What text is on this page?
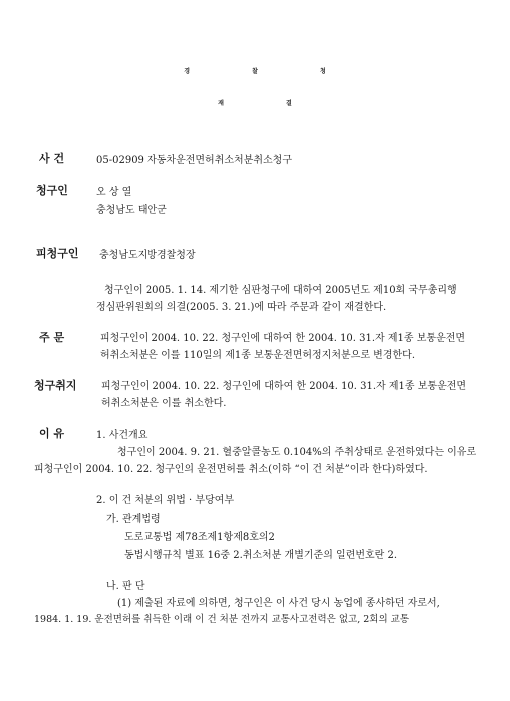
경 찰 청
재 결
사 건	05-02909 자동차운전면허취소처분취소청구
청구인	오 상 열
충청남도 태안군
피청구인 충청남도지방경찰청장
청구인이 2005. 1. 14. 제기한 심판청구에 대하여 2005년도 제10회 국무총리행
정심판위원회의 의결(2005. 3. 21.)에 따라 주문과 같이 재결한다.
주 문	피청구인이 2004. 10. 22. 청구인에 대하여 한 2004. 10. 31.자 제1종 보통운전면
허취소처분은 이를 110일의 제1종 보통운전면허정지처분으로 변경한다.
청구취지 피청구인이 2004. 10. 22. 청구인에 대하여 한 2004. 10. 31.자 제1종 보통운전면
허취소처분은 이를 취소한다.
이 유	1. 사건개요
청구인이 2004. 9. 21. 혈중알콜농도 0.104%의 주취상태로 운전하였다는 이유로
피청구인이 2004. 10. 22. 청구인의 운전면허를 취소(이하 “이 건 처분”이라 한다)하였다.
2. 이 건 처분의 위법 · 부당여부
가. 관계법령
도로교통법 제78조제1항제8호의2
동법시행규칙 별표 16중 2.취소처분 개별기준의 일련번호란 2.
나. 판 단
(1) 제출된 자료에 의하면, 청구인은 이 사건 당시 농업에 종사하던 자로서,
1984. 1. 19. 운전면허를 취득한 이래 이 건 처분 전까지 교통사고전력은 없고, 2회의 교통
